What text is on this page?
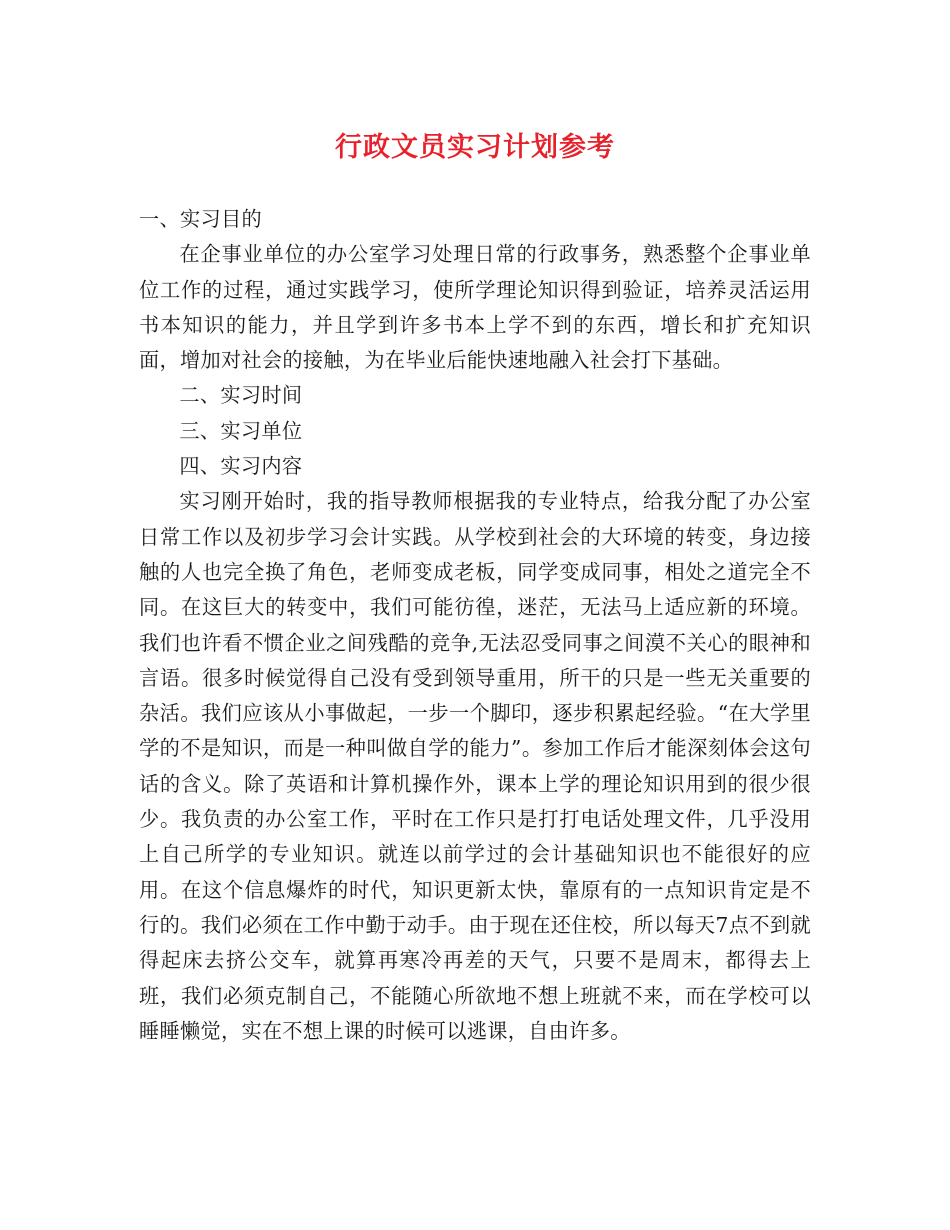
行政文员实习计划参考

一、实习目的

在企事业单位的办公室学习处理日常的行政事务，熟悉整个企事业单位工作的过程，通过实践学习，使所学理论知识得到验证，培养灵活运用书本知识的能力，并且学到许多书本上学不到的东西，增长和扩充知识面，增加对社会的接触，为在毕业后能快速地融入社会打下基础。

二、实习时间

三、实习单位

四、实习内容

实习刚开始时，我的指导教师根据我的专业特点，给我分配了办公室日常工作以及初步学习会计实践。从学校到社会的大环境的转变，身边接触的人也完全换了角色，老师变成老板，同学变成同事，相处之道完全不同。在这巨大的转变中，我们可能彷徨，迷茫，无法马上适应新的环境。我们也许看不惯企业之间残酷的竞争,无法忍受同事之间漠不关心的眼神和言语。很多时候觉得自己没有受到领导重用，所干的只是一些无关重要的杂活。我们应该从小事做起，一步一个脚印，逐步积累起经验。“在大学里学的不是知识，而是一种叫做自学的能力”。参加工作后才能深刻体会这句话的含义。除了英语和计算机操作外，课本上学的理论知识用到的很少很少。我负责的办公室工作，平时在工作只是打打电话处理文件，几乎没用上自己所学的专业知识。就连以前学过的会计基础知识也不能很好的应用。在这个信息爆炸的时代，知识更新太快，靠原有的一点知识肯定是不行的。我们必须在工作中勤于动手。由于现在还住校，所以每天7点不到就得起床去挤公交车，就算再寒冷再差的天气，只要不是周末，都得去上班，我们必须克制自己，不能随心所欲地不想上班就不来，而在学校可以睡睡懒觉，实在不想上课的时候可以逃课，自由许多。
